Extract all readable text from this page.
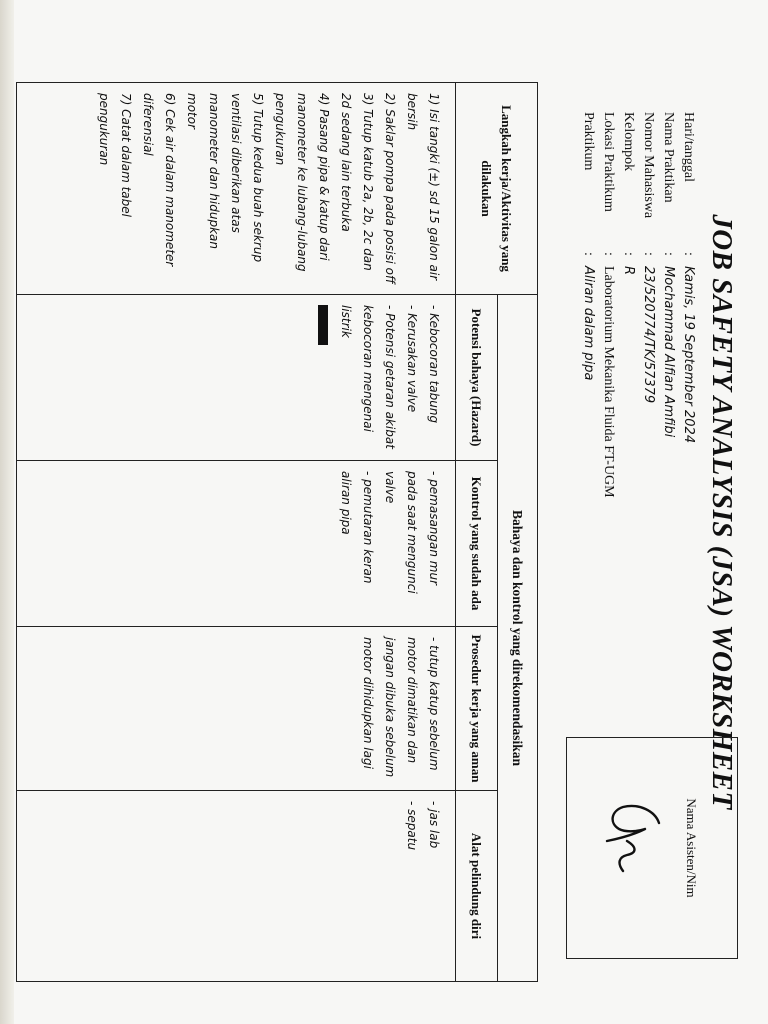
JOB SAFETY ANALYSIS (JSA) WORKSHEET
Hari/tanggal
:
Kamis, 19 September 2024
Nama Praktikan
:
Mochammad Alfian Amfibi
Nomor Mahasiswa
:
23/520774/TK/57379
Kelompok
:
R
Lokasi Praktikum
:
Laboratorium Mekanika Fluida FT-UGM
Praktikum
:
Aliran dalam pipa
Nama Asisten/Nim
Langkah kerja/Aktivitas yang dilakukan
1) Isi tangki (±) sd 15 galon air bersih
2) Saklar pompa pada posisi off
3) Tutup katub 2a, 2b, 2c dan 2d sedang lain terbuka
4) Pasang pipa & katup dari manometer ke lubang-lubang pengukuran
5) Tutup kedua buah sekrup ventilasi diberikan atas manometer dan hidupkan motor
6) Cek air dalam manometer diferensial
7) Catat dalam tabel pengukuran
Bahaya dan kontrol yang direkomendasikan
Potensi bahaya (Hazard)
- Kebocoran tabung
- Kerusakan valve
- Potensi getaran akibat kebocoran mengenai listrik
Kontrol yang sudah ada
- pemasangan mur pada saat mengunci valve
- pemutaran keran aliran pipa
Prosedur kerja yang aman
- tutup katup sebelum motor dimatikan dan jangan dibuka sebelum motor dihidupkan lagi
Alat pelindung diri
- jas lab
- sepatu
